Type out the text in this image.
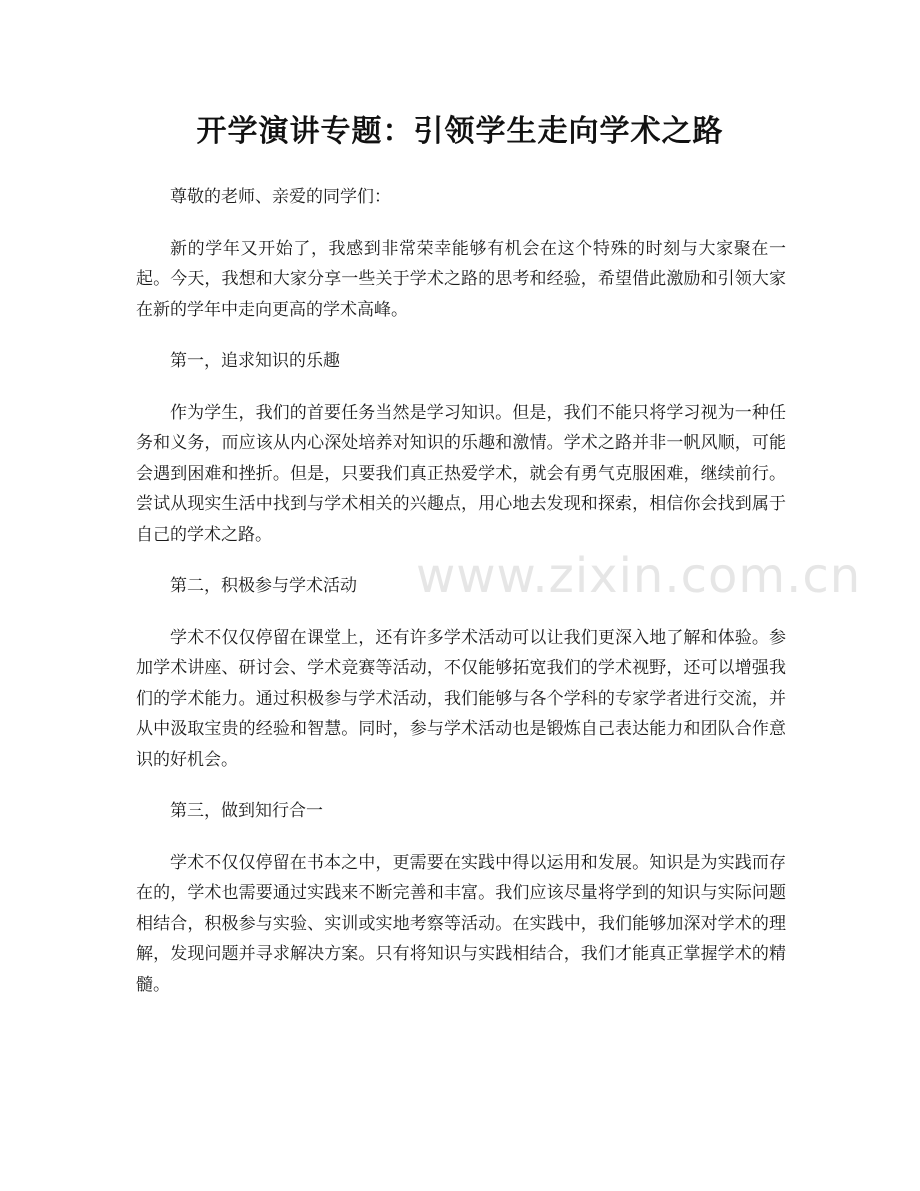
开学演讲专题：引领学生走向学术之路

尊敬的老师、亲爱的同学们：

新的学年又开始了，我感到非常荣幸能够有机会在这个特殊的时刻与大家聚在一起。今天，我想和大家分享一些关于学术之路的思考和经验，希望借此激励和引领大家在新的学年中走向更高的学术高峰。

第一，追求知识的乐趣

作为学生，我们的首要任务当然是学习知识。但是，我们不能只将学习视为一种任务和义务，而应该从内心深处培养对知识的乐趣和激情。学术之路并非一帆风顺，可能会遇到困难和挫折。但是，只要我们真正热爱学术，就会有勇气克服困难，继续前行。尝试从现实生活中找到与学术相关的兴趣点，用心地去发现和探索，相信你会找到属于自己的学术之路。

第二，积极参与学术活动

学术不仅仅停留在课堂上，还有许多学术活动可以让我们更深入地了解和体验。参加学术讲座、研讨会、学术竞赛等活动，不仅能够拓宽我们的学术视野，还可以增强我们的学术能力。通过积极参与学术活动，我们能够与各个学科的专家学者进行交流，并从中汲取宝贵的经验和智慧。同时，参与学术活动也是锻炼自己表达能力和团队合作意识的好机会。

第三，做到知行合一

学术不仅仅停留在书本之中，更需要在实践中得以运用和发展。知识是为实践而存在的，学术也需要通过实践来不断完善和丰富。我们应该尽量将学到的知识与实际问题相结合，积极参与实验、实训或实地考察等活动。在实践中，我们能够加深对学术的理解，发现问题并寻求解决方案。只有将知识与实践相结合，我们才能真正掌握学术的精髓。

www.zixin.com.cn
